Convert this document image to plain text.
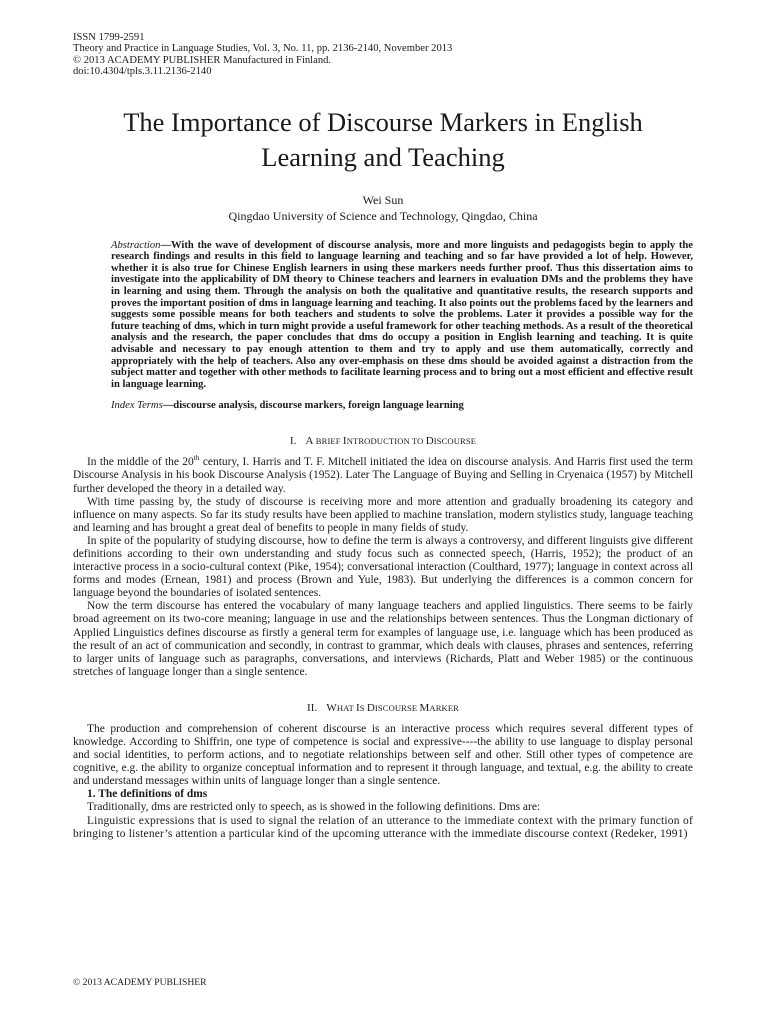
ISSN 1799-2591
Theory and Practice in Language Studies, Vol. 3, No. 11, pp. 2136-2140, November 2013
© 2013 ACADEMY PUBLISHER Manufactured in Finland.
doi:10.4304/tpls.3.11.2136-2140
The Importance of Discourse Markers in English Learning and Teaching
Wei Sun
Qingdao University of Science and Technology, Qingdao, China
Abstraction—With the wave of development of discourse analysis, more and more linguists and pedagogists begin to apply the research findings and results in this field to language learning and teaching and so far have provided a lot of help. However, whether it is also true for Chinese English learners in using these markers needs further proof. Thus this dissertation aims to investigate into the applicability of DM theory to Chinese teachers and learners in evaluation DMs and the problems they have in learning and using them. Through the analysis on both the qualitative and quantitative results, the research supports and proves the important position of dms in language learning and teaching. It also points out the problems faced by the learners and suggests some possible means for both teachers and students to solve the problems. Later it provides a possible way for the future teaching of dms, which in turn might provide a useful framework for other teaching methods. As a result of the theoretical analysis and the research, the paper concludes that dms do occupy a position in English learning and teaching. It is quite advisable and necessary to pay enough attention to them and try to apply and use them automatically, correctly and appropriately with the help of teachers. Also any over-emphasis on these dms should be avoided against a distraction from the subject matter and together with other methods to facilitate learning process and to bring out a most efficient and effective result in language learning.
Index Terms—discourse analysis, discourse markers, foreign language learning
I. A BRIEF INTRODUCTION TO DISCOURSE

In the middle of the 20th century, I. Harris and T. F. Mitchell initiated the idea on discourse analysis. And Harris first used the term Discourse Analysis in his book Discourse Analysis (1952). Later The Language of Buying and Selling in Cryenaica (1957) by Mitchell further developed the theory in a detailed way.

With time passing by, the study of discourse is receiving more and more attention and gradually broadening its category and influence on many aspects. So far its study results have been applied to machine translation, modern stylistics study, language teaching and learning and has brought a great deal of benefits to people in many fields of study.

In spite of the popularity of studying discourse, how to define the term is always a controversy, and different linguists give different definitions according to their own understanding and study focus such as connected speech, (Harris, 1952); the product of an interactive process in a socio-cultural context (Pike, 1954); conversational interaction (Coulthard, 1977); language in context across all forms and modes (Ernean, 1981) and process (Brown and Yule, 1983). But underlying the differences is a common concern for language beyond the boundaries of isolated sentences.

Now the term discourse has entered the vocabulary of many language teachers and applied linguistics. There seems to be fairly broad agreement on its two-core meaning; language in use and the relationships between sentences. Thus the Longman dictionary of Applied Linguistics defines discourse as firstly a general term for examples of language use, i.e. language which has been produced as the result of an act of communication and secondly, in contrast to grammar, which deals with clauses, phrases and sentences, referring to larger units of language such as paragraphs, conversations, and interviews (Richards, Platt and Weber 1985) or the continuous stretches of language longer than a single sentence.

II. WHAT IS DISCOURSE MARKER

The production and comprehension of coherent discourse is an interactive process which requires several different types of knowledge. According to Shiffrin, one type of competence is social and expressive----the ability to use language to display personal and social identities, to perform actions, and to negotiate relationships between self and other. Still other types of competence are cognitive, e.g. the ability to organize conceptual information and to represent it through language, and textual, e.g. the ability to create and understand messages within units of language longer than a single sentence.

1. The definitions of dms

Traditionally, dms are restricted only to speech, as is showed in the following definitions. Dms are:

Linguistic expressions that is used to signal the relation of an utterance to the immediate context with the primary function of bringing to listener’s attention a particular kind of the upcoming utterance with the immediate discourse context (Redeker, 1991)

© 2013 ACADEMY PUBLISHER
